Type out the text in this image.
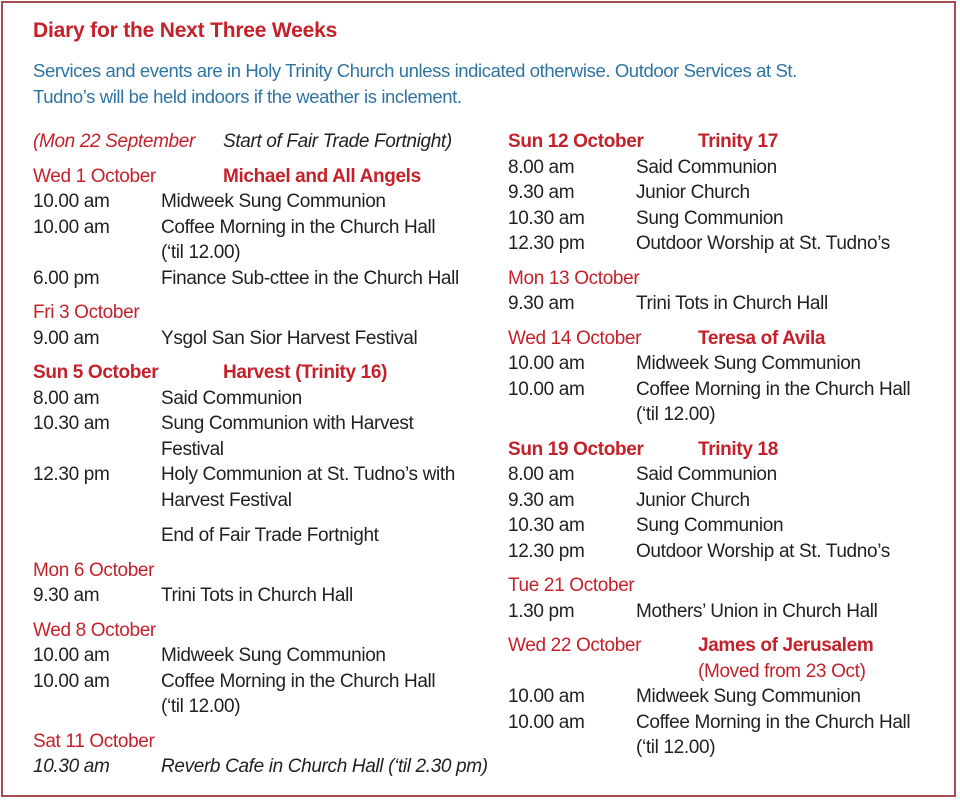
Diary for the Next Three Weeks
Services and events are in Holy Trinity Church unless indicated otherwise. Outdoor Services at St.
Tudno’s will be held indoors if the weather is inclement.
(Mon 22 September	Start of Fair Trade Fortnight)
Wed 1 October	Michael and All Angels
10.00 am	Midweek Sung Communion
10.00 am	Coffee Morning in the Church Hall
(‘til 12.00)
6.00 pm	Finance Sub-cttee in the Church Hall
Fri 3 October
9.00 am	Ysgol San Sior Harvest Festival
Sun 5 October	Harvest (Trinity 16)
8.00 am	Said Communion
10.30 am	Sung Communion with Harvest
Festival
12.30 pm	Holy Communion at St. Tudno’s with
Harvest Festival
End of Fair Trade Fortnight
Mon 6 October
9.30 am	Trini Tots in Church Hall
Wed 8 October
10.00 am	Midweek Sung Communion
10.00 am	Coffee Morning in the Church Hall
(‘til 12.00)
Sat 11 October
10.30 am	Reverb Cafe in Church Hall (‘til 2.30 pm)
Sun 12 October	Trinity 17
8.00 am	Said Communion
9.30 am	Junior Church
10.30 am	Sung Communion
12.30 pm	Outdoor Worship at St. Tudno’s
Mon 13 October
9.30 am	Trini Tots in Church Hall
Wed 14 October	Teresa of Avila
10.00 am	Midweek Sung Communion
10.00 am	Coffee Morning in the Church Hall
(‘til 12.00)
Sun 19 October	Trinity 18
8.00 am	Said Communion
9.30 am	Junior Church
10.30 am	Sung Communion
12.30 pm	Outdoor Worship at St. Tudno’s
Tue 21 October
1.30 pm	Mothers’ Union in Church Hall
Wed 22 October	James of Jerusalem
(Moved from 23 Oct)
10.00 am	Midweek Sung Communion
10.00 am	Coffee Morning in the Church Hall
(‘til 12.00)
